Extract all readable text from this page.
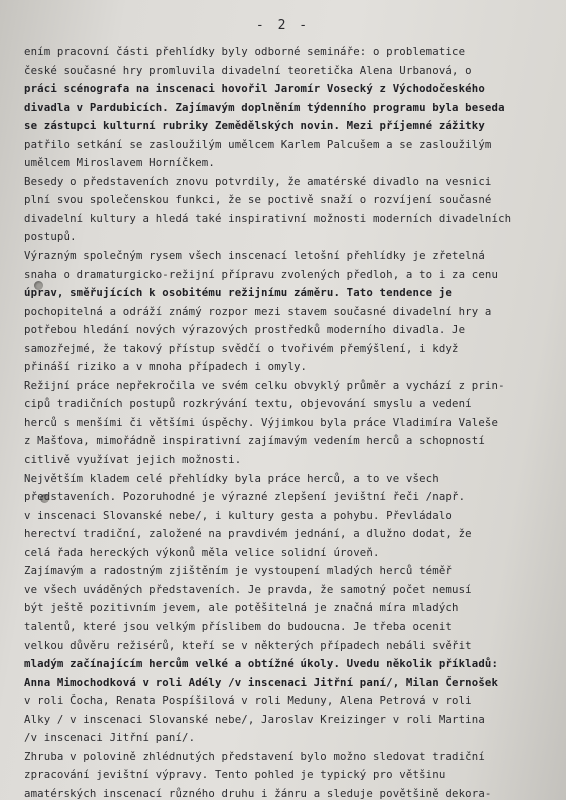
- 2 -
ením pracovní části přehlídky byly odborné semináře: o problematice
české současné hry promluvila divadelní teoretička Alena Urbanová, o
práci scénografa na inscenaci hovořil Jaromír Vosecký z Východočeského
divadla v Pardubicích. Zajímavým doplněním týdenního programu byla beseda
se zástupci kulturní rubriky Zemědělských novin. Mezi příjemné zážitky
patřilo setkání se zasloužilým umělcem Karlem Palcušem a se zasloužilým
umělcem Miroslavem Horníčkem.
Besedy o představeních znovu potvrdily, že amatérské divadlo na vesnici
plní svou společenskou funkci, že se poctivě snaží o rozvíjení současné
divadelní kultury a hledá také inspirativní možnosti moderních divadelních
postupů.
Výrazným společným rysem všech inscenací letošní přehlídky je zřetelná
snaha o dramaturgicko-režijní přípravu zvolených předloh, a to i za cenu
úprav, směřujících k osobitému režijnímu záměru. Tato tendence je
pochopitelná a odráží známý rozpor mezi stavem současné divadelní hry a
potřebou hledání nových výrazových prostředků moderního divadla. Je
samozřejmé, že takový přístup svědčí o tvořivém přemýšlení, i když
přináší riziko a v mnoha případech i omyly.
Režijní práce nepřekročila ve svém celku obvyklý průměr a vychází z prin-
cipů tradičních postupů rozkrývání textu, objevování smyslu a vedení
herců s menšími či většími úspěchy. Výjimkou byla práce Vladimíra Valeše
z Mašťova, mimořádně inspirativní zajímavým vedením herců a schopností
citlivě využívat jejich možnosti.
Největším kladem celé přehlídky byla práce herců, a to ve všech
představeních. Pozoruhodné je výrazné zlepšení jevištní řeči /např.
v inscenaci Slovanské nebe/, i kultury gesta a pohybu. Převládalo
herectví tradiční, založené na pravdivém jednání, a dlužno dodat, že
celá řada hereckých výkonů měla velice solidní úroveň.
Zajímavým a radostným zjištěním je vystoupení mladých herců téměř
ve všech uváděných představeních. Je pravda, že samotný počet nemusí
být ještě pozitivním jevem, ale potěšitelná je značná míra mladých
talentů, které jsou velkým příslibem do budoucna. Je třeba ocenit
velkou důvěru režisérů, kteří se v některých případech nebáli svěřit
mladým začínajícím hercům velké a obtížné úkoly. Uvedu několik příkladů:
Anna Mimochodková v roli Adély /v inscenaci Jitřní paní/, Milan Černošek
v roli Čocha, Renata Pospíšilová v roli Meduny, Alena Petrová v roli
Alky / v inscenaci Slovanské nebe/, Jaroslav Kreizinger v roli Martina
/v inscenaci Jitřní paní/.
Zhruba v polovině zhlédnutých představení bylo možno sledovat tradiční
zpracování jevištní výpravy. Tento pohled je typický pro většinu
amatérských inscenací různého druhu i žánru a sleduje povětšině dekora-
